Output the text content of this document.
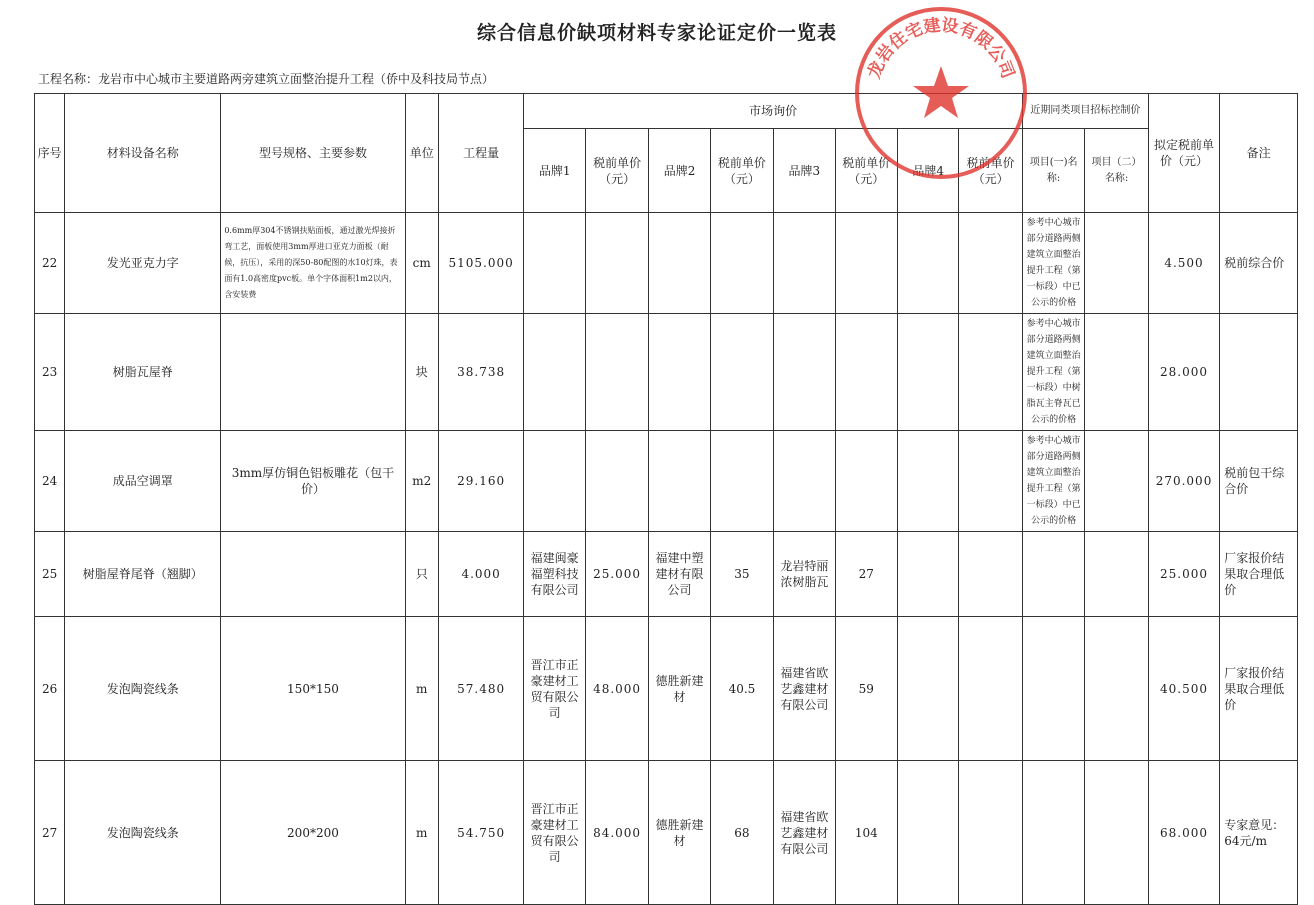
综合信息价缺项材料专家论证定价一览表
工程名称：龙岩市中心城市主要道路两旁建筑立面整治提升工程（侨中及科技局节点）
序号	材料设备名称	型号规格、主要参数	单位	工程量	市场询价								近期同类项目招标控制价		拟定税前单价（元）	备注
					品牌1	税前单价（元）	品牌2	税前单价（元）	品牌3	税前单价（元）	品牌4	税前单价（元）	项目(一)名称:	项目（二）名称:		
22	发光亚克力字	0.6mm厚304不锈钢扶贴面板，通过激光焊接折弯工艺，面板使用3mm厚进口亚克力面板（耐候，抗压），采用的深50-80配图的水10灯珠，表面有1.0高密度pvc板。单个字体面积1m2以内，含安装费	cm	5105.000									参考中心城市部分道路两侧建筑立面整治提升工程（第一标段）中已公示的价格		4.500	税前综合价
23	树脂瓦屋脊		块	38.738									参考中心城市部分道路两侧建筑立面整治提升工程（第一标段）中树脂瓦主脊瓦已公示的价格		28.000	
24	成品空调罩	3mm厚仿铜色铝板雕花（包干价）	m2	29.160									参考中心城市部分道路两侧建筑立面整治提升工程（第一标段）中已公示的价格		270.000	税前包干综合价
25	树脂屋脊尾脊（翘脚）		只	4.000	福建闽豪福塑科技有限公司	25.000	福建中塑建材有限公司	35	龙岩特丽浓树脂瓦	27					25.000	厂家报价结果取合理低价
26	发泡陶瓷线条	150*150	m	57.480	晋江市正豪建材工贸有限公司	48.000	德胜新建材	40.5	福建省欧艺鑫建材有限公司	59					40.500	厂家报价结果取合理低价
27	发泡陶瓷线条	200*200	m	54.750	晋江市正豪建材工贸有限公司	84.000	德胜新建材	68	福建省欧艺鑫建材有限公司	104					68.000	专家意见：64元/m
龙岩住宅建设有限公司
